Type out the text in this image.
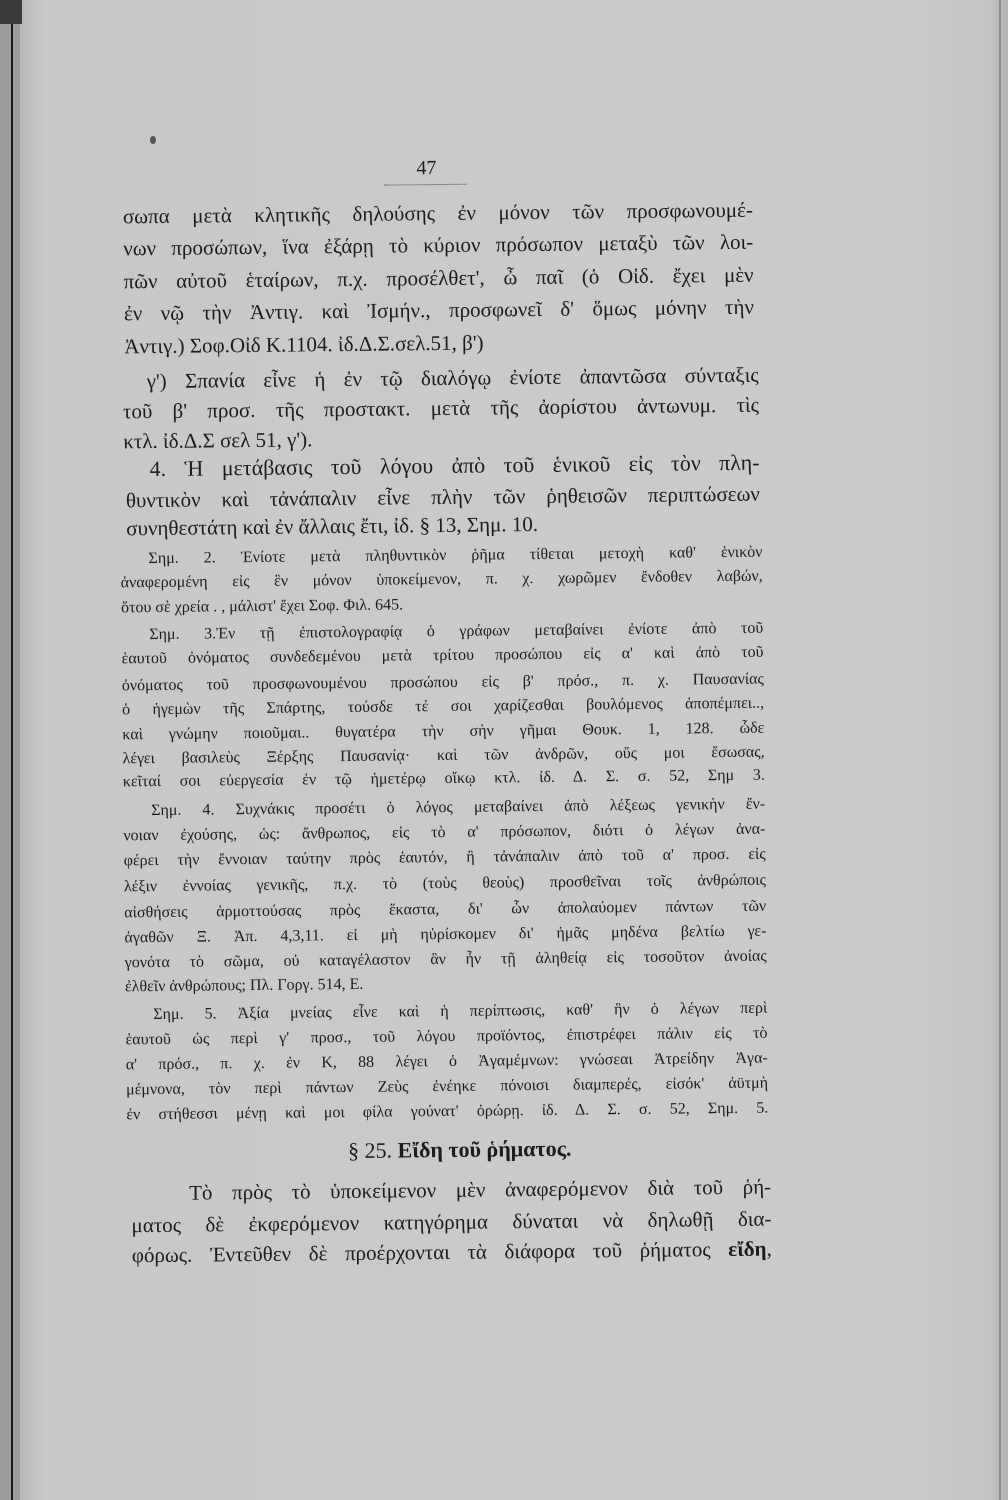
47
σωπα μετὰ κλητικῆς δηλούσης ἐν μόνον τῶν προσφωνουμέ-
νων προσώπων, ἵνα ἐξάρῃ τὸ κύριον πρόσωπον μεταξὺ τῶν λοι-
πῶν αὐτοῦ ἑταίρων, π.χ. προσέλθετ', ὦ παῖ (ὁ Οἰδ. ἔχει μὲν
ἐν νῷ τὴν Ἀντιγ. καὶ Ἰσμήν., προσφωνεῖ δ' ὅμως μόνην τὴν
Ἀντιγ.) Σοφ.Οἰδ Κ.1104. ἰδ.Δ.Σ.σελ.51, β')
γ') Σπανία εἶνε ἡ ἐν τῷ διαλόγῳ ἐνίοτε ἀπαντῶσα σύνταξις
τοῦ β' προσ. τῆς προστακτ. μετὰ τῆς ἀορίστου ἀντωνυμ. τὶς
κτλ. ἰδ.Δ.Σ σελ 51, γ').
4. Ἡ μετάβασις τοῦ λόγου ἀπὸ τοῦ ἑνικοῦ εἰς τὸν πλη-
θυντικὸν καὶ τἀνάπαλιν εἶνε πλὴν τῶν ῥηθεισῶν περιπτώσεων
συνηθεστάτη καὶ ἐν ἄλλαις ἔτι, ἰδ. § 13, Σημ. 10.
Σημ. 2. Ἐνίοτε μετὰ πληθυντικὸν ῥῆμα τίθεται μετοχὴ καθ' ἑνικὸν
ἀναφερομένη εἰς ἓν μόνον ὑποκείμενον, π. χ. χωρῶμεν ἔνδοθεν λαβών,
ὅτου σὲ χρεία . , μάλιστ' ἔχει Σοφ. Φιλ. 645.
Σημ. 3.Ἐν τῇ ἐπιστολογραφίᾳ ὁ γράφων μεταβαίνει ἐνίοτε ἀπὸ τοῦ
ἑαυτοῦ ὀνόματος συνδεδεμένου μετὰ τρίτου προσώπου εἰς α' καὶ ἀπὸ τοῦ
ὀνόματος τοῦ προσφωνουμένου προσώπου εἰς β' πρόσ., π. χ. Παυσανίας
ὁ ἡγεμὼν τῆς Σπάρτης, τούσδε τέ σοι χαρίζεσθαι βουλόμενος ἀποπέμπει..,
καὶ γνώμην ποιοῦμαι.. θυγατέρα τὴν σὴν γῆμαι Θουκ. 1, 128. ὧδε
λέγει βασιλεὺς Ξέρξης Παυσανίᾳ· καὶ τῶν ἀνδρῶν, οὕς μοι ἔσωσας,
κεῖταί σοι εὐεργεσία ἐν τῷ ἡμετέρῳ οἴκῳ κτλ. ἰδ. Δ. Σ. σ. 52, Σημ 3.
Σημ. 4. Συχνάκις προσέτι ὁ λόγος μεταβαίνει ἀπὸ λέξεως γενικὴν ἔν-
νοιαν ἐχούσης, ὡς: ἄνθρωπος, εἰς τὸ α' πρόσωπον, διότι ὁ λέγων ἀνα-
φέρει τὴν ἔννοιαν ταύτην πρὸς ἑαυτόν, ἢ τἀνάπαλιν ἀπὸ τοῦ α' προσ. εἰς
λέξιν ἐννοίας γενικῆς, π.χ. τὸ (τοὺς θεοὺς) προσθεῖναι τοῖς ἀνθρώποις
αἰσθήσεις ἁρμοττούσας πρὸς ἕκαστα, δι' ὧν ἀπολαύομεν πάντων τῶν
ἀγαθῶν Ξ. Ἀπ. 4,3,11. εἰ μὴ ηὑρίσκομεν δι' ἡμᾶς μηδένα βελτίω γε-
γονότα τὸ σῶμα, οὐ καταγέλαστον ἂν ἦν τῇ ἀληθείᾳ εἰς τοσοῦτον ἀνοίας
ἐλθεῖν ἀνθρώπους; Πλ. Γοργ. 514, Ε.
Σημ. 5. Ἀξία μνείας εἶνε καὶ ἡ περίπτωσις, καθ' ἣν ὁ λέγων περὶ
ἑαυτοῦ ὡς περὶ γ' προσ., τοῦ λόγου προϊόντος, ἐπιστρέφει πάλιν εἰς τὸ
α' πρόσ., π. χ. ἐν Κ, 88 λέγει ὁ Ἀγαμέμνων: γνώσεαι Ἀτρείδην Ἀγα-
μέμνονα, τὸν περὶ πάντων Ζεὺς ἐνέηκε πόνοισι διαμπερές, εἰσόκ' ἀϋτμὴ
ἐν στήθεσσι μένῃ καὶ μοι φίλα γούνατ' ὀρώρῃ. ἰδ. Δ. Σ. σ. 52, Σημ. 5.
§ 25. Εἴδη τοῦ ῥήματος.
Τὸ πρὸς τὸ ὑποκείμενον μὲν ἀναφερόμενον διὰ τοῦ ῥή-
ματος δὲ ἐκφερόμενον κατηγόρημα δύναται νὰ δηλωθῇ δια-
φόρως. Ἐντεῦθεν δὲ προέρχονται τὰ διάφορα τοῦ ῥήματος εἴδη,
